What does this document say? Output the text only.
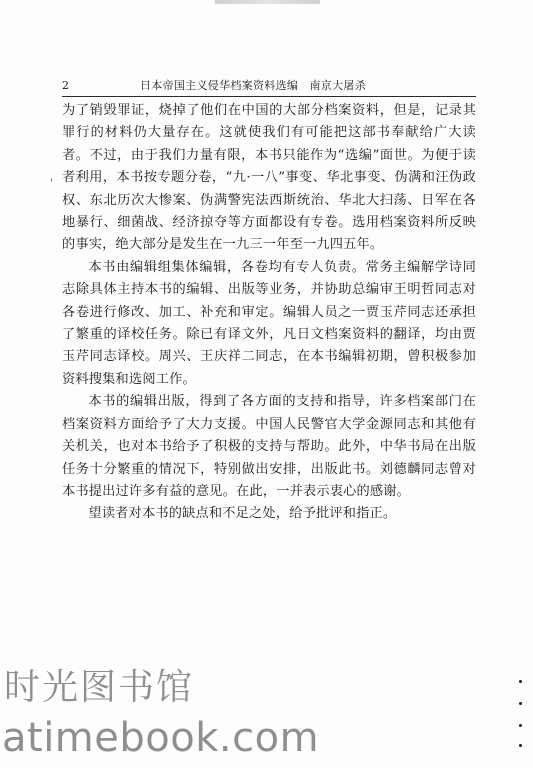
2	日本帝国主义侵华档案资料选编　南京大屠杀
'

为了销毁罪证，烧掉了他们在中国的大部分档案资料，但是，记录其罪行的材料仍大量存在。这就使我们有可能把这部书奉献给广大读者。不过，由于我们力量有限，本书只能作为“选编”面世。为便于读者利用，本书按专题分卷，“九·一八”事变、华北事变、伪满和汪伪政权、东北历次大惨案、伪满警宪法西斯统治、华北大扫荡、日军在各地暴行、细菌战、经济掠夺等方面都设有专卷。选用档案资料所反映的事实，绝大部分是发生在一九三一年至一九四五年。

本书由编辑组集体编辑，各卷均有专人负责。常务主编解学诗同志除具体主持本书的编辑、出版等业务，并协助总编审王明哲同志对各卷进行修改、加工、补充和审定。编辑人员之一贾玉芹同志还承担了繁重的译校任务。除已有译文外，凡日文档案资料的翻译，均由贾玉芹同志译校。周兴、王庆祥二同志，在本书编辑初期，曾积极参加资料搜集和选阅工作。

本书的编辑出版，得到了各方面的支持和指导，许多档案部门在档案资料方面给予了大力支援。中国人民警官大学金源同志和其他有关机关，也对本书给予了积极的支持与帮助。此外，中华书局在出版任务十分繁重的情况下，特别做出安排，出版此书。刘德麟同志曾对本书提出过许多有益的意见。在此，一并表示衷心的感谢。

望读者对本书的缺点和不足之处，给予批评和指正。

时光图书馆
atimebook.com
